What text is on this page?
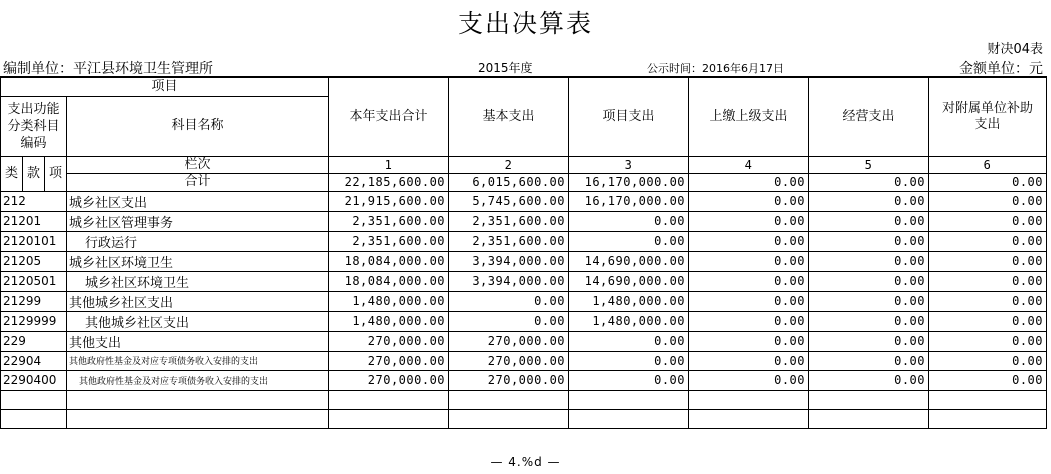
支出决算表
财决04表
编制单位：平江县环境卫生管理所	2015年度	公示时间：2016年6月17日	金额单位：元
项目				本年支出合计	基本支出	项目支出	上缴上级支出	经营支出	对附属单位补助
支出
支出功能
分类科目
编码			科目名称						
类	款	项	栏次	1	2	3	4	5	6
			合计	22,185,600.00	6,015,600.00	16,170,000.00	0.00	0.00	0.00
212			城乡社区支出	21,915,600.00	5,745,600.00	16,170,000.00	0.00	0.00	0.00
21201			城乡社区管理事务	2,351,600.00	2,351,600.00	0.00	0.00	0.00	0.00
2120101			行政运行	2,351,600.00	2,351,600.00	0.00	0.00	0.00	0.00
21205			城乡社区环境卫生	18,084,000.00	3,394,000.00	14,690,000.00	0.00	0.00	0.00
2120501			城乡社区环境卫生	18,084,000.00	3,394,000.00	14,690,000.00	0.00	0.00	0.00
21299			其他城乡社区支出	1,480,000.00	0.00	1,480,000.00	0.00	0.00	0.00
2129999			其他城乡社区支出	1,480,000.00	0.00	1,480,000.00	0.00	0.00	0.00
229			其他支出	270,000.00	270,000.00	0.00	0.00	0.00	0.00
22904			其他政府性基金及对应专项债务收入安排的支出	270,000.00	270,000.00	0.00	0.00	0.00	0.00
2290400			其他政府性基金及对应专项债务收入安排的支出	270,000.00	270,000.00	0.00	0.00	0.00	0.00

— 4.%d —
